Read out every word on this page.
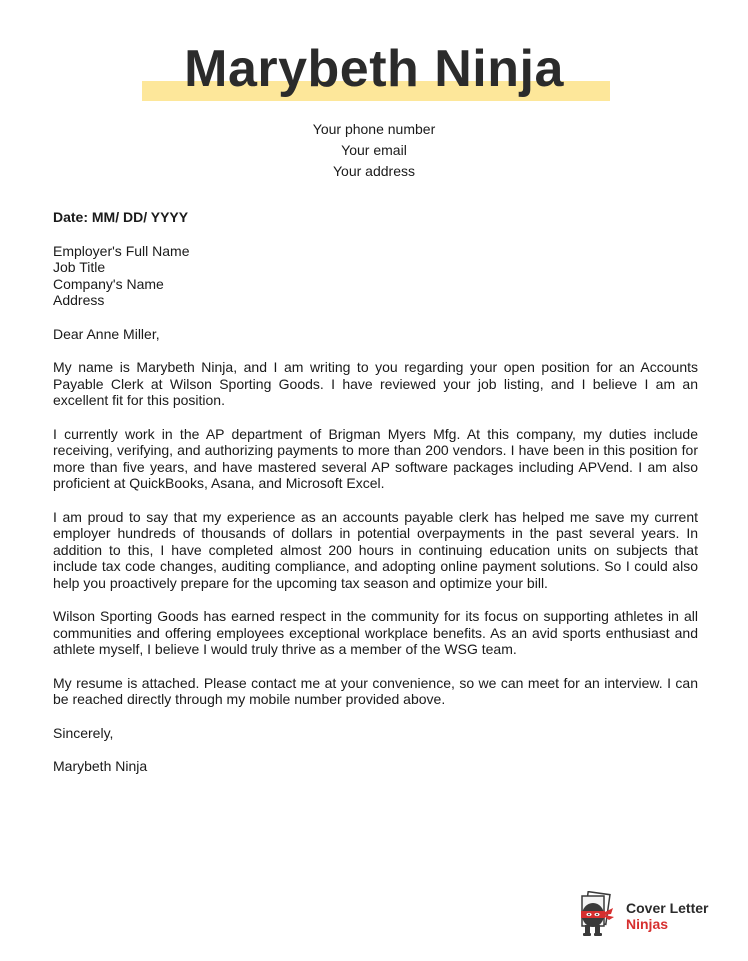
Marybeth Ninja
Your phone number
Your email
Your address
Date: MM/ DD/ YYYY
Employer's Full Name
Job Title
Company's Name
Address
Dear Anne Miller,

My name is Marybeth Ninja, and I am writing to you regarding your open position for an Accounts Payable Clerk at Wilson Sporting Goods. I have reviewed your job listing, and I believe I am an excellent fit for this position.

I currently work in the AP department of Brigman Myers Mfg. At this company, my duties include receiving, verifying, and authorizing payments to more than 200 vendors. I have been in this position for more than five years, and have mastered several AP software packages including APVend. I am also proficient at QuickBooks, Asana, and Microsoft Excel.

I am proud to say that my experience as an accounts payable clerk has helped me save my current employer hundreds of thousands of dollars in potential overpayments in the past several years. In addition to this, I have completed almost 200 hours in continuing education units on subjects that include tax code changes, auditing compliance, and adopting online payment solutions. So I could also help you proactively prepare for the upcoming tax season and optimize your bill.

Wilson Sporting Goods has earned respect in the community for its focus on supporting athletes in all communities and offering employees exceptional workplace benefits. As an avid sports enthusiast and athlete myself, I believe I would truly thrive as a member of the WSG team.

My resume is attached. Please contact me at your convenience, so we can meet for an interview. I can be reached directly through my mobile number provided above.

Sincerely,
Marybeth Ninja
Cover Letter
Ninjas
